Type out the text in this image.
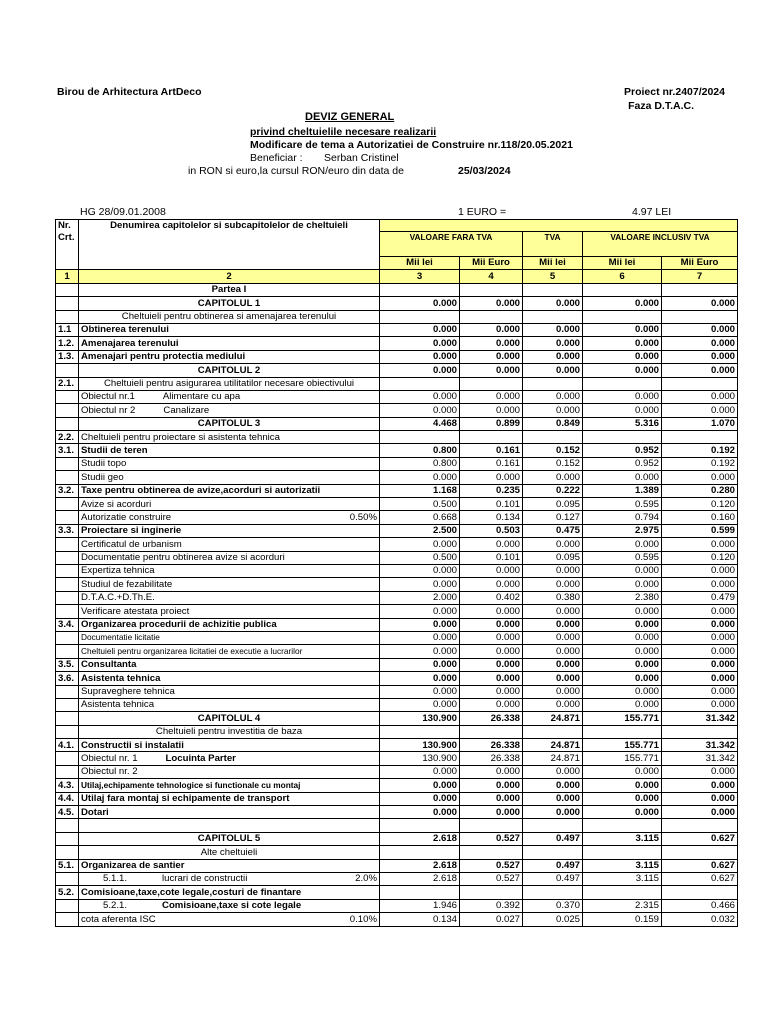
Birou de Arhitectura ArtDeco	Proiect nr.2407/2024
Faza D.T.A.C.
DEVIZ GENERAL
privind cheltuielile necesare realizarii
Modificare de tema a Autorizatiei de Construire nr.118/20.05.2021
Beneficiar : Serban Cristinel
in RON si euro,la cursul RON/euro din data de	25/03/2024
HG 28/09.01.2008	1 EURO =	4.97 LEI
Nr.
Crt.	Denumirea capitolelor si subcapitolelor de cheltuieli					
		VALOARE FARA TVA		TVA	VALOARE INCLUSIV TVA	
		Mii lei	Mii Euro	Mii lei	Mii lei	Mii Euro
1	2	3	4	5	6	7
	Partea I					
	CAPITOLUL 1	0.000	0.000	0.000	0.000	0.000
	Cheltuieli pentru obtinerea si amenajarea terenului					
1.1	Obtinerea terenului	0.000	0.000	0.000	0.000	0.000
1.2.	Amenajarea terenului	0.000	0.000	0.000	0.000	0.000
1.3.	Amenajari pentru protectia mediului	0.000	0.000	0.000	0.000	0.000
	CAPITOLUL 2	0.000	0.000	0.000	0.000	0.000
2.1.	Cheltuieli pentru asigurarea utilitatilor necesare obiectivului					

	Obiectul nr.1 Alimentare cu apa	0.000	0.000	0.000	0.000	0.000

	Obiectul nr 2 Canalizare	0.000	0.000	0.000	0.000	0.000
	CAPITOLUL 3	4.468	0.899	0.849	5.316	1.070
2.2.	Cheltuieli pentru proiectare si asistenta tehnica					
3.1.	Studii de teren	0.800	0.161	0.152	0.952	0.192
	Studii topo	0.800	0.161	0.152	0.952	0.192
	Studii geo	0.000	0.000	0.000	0.000	0.000
3.2.	Taxe pentru obtinerea de avize,acorduri si autorizatii	1.168	0.235	0.222	1.389	0.280
	Avize si acorduri	0.500	0.101	0.095	0.595	0.120

	Autorizatie construire 0.50%	0.668	0.134	0.127	0.794	0.160
3.3.	Proiectare si inginerie	2.500	0.503	0.475	2.975	0.599
	Certificatul de urbanism	0.000	0.000	0.000	0.000	0.000
	Documentatie pentru obtinerea avize si acorduri	0.500	0.101	0.095	0.595	0.120
	Expertiza tehnica	0.000	0.000	0.000	0.000	0.000
	Studiul de fezabilitate	0.000	0.000	0.000	0.000	0.000
	D.T.A.C.+D.Th.E.	2.000	0.402	0.380	2.380	0.479
	Verificare atestata proiect	0.000	0.000	0.000	0.000	0.000
3.4.	Organizarea procedurii de achizitie publica	0.000	0.000	0.000	0.000	0.000
	Documentatie licitatie	0.000	0.000	0.000	0.000	0.000
	Cheltuieli pentru organizarea licitatiei de executie a lucrarilor	0.000	0.000	0.000	0.000	0.000
3.5.	Consultanta	0.000	0.000	0.000	0.000	0.000
3.6.	Asistenta tehnica	0.000	0.000	0.000	0.000	0.000
	Supraveghere tehnica	0.000	0.000	0.000	0.000	0.000
	Asistenta tehnica	0.000	0.000	0.000	0.000	0.000
	CAPITOLUL 4	130.900	26.338	24.871	155.771	31.342
	Cheltuieli pentru investitia de baza					
4.1.	Constructii si instalatii	130.900	26.338	24.871	155.771	31.342

	Obiectul nr. 1 Locuinta Parter	130.900	26.338	24.871	155.771	31.342
	Obiectul nr. 2	0.000	0.000	0.000	0.000	0.000
4.3.	Utilaj,echipamente tehnologice si functionale cu montaj	0.000	0.000	0.000	0.000	0.000
4.4.	Utilaj fara montaj si echipamente de transport	0.000	0.000	0.000	0.000	0.000
4.5.	Dotari	0.000	0.000	0.000	0.000	0.000

	CAPITOLUL 5	2.618	0.527	0.497	3.115	0.627
	Alte cheltuieli					
5.1.	Organizarea de santier	2.618	0.527	0.497	3.115	0.627

	5.1.1. lucrari de constructii 2.0%	2.618	0.527	0.497	3.115	0.627
5.2.	Comisioane,taxe,cote legale,costuri de finantare					

	5.2.1. Comisioane,taxe si cote legale	1.946	0.392	0.370	2.315	0.466

	cota aferenta ISC 0.10%	0.134	0.027	0.025	0.159	0.032
